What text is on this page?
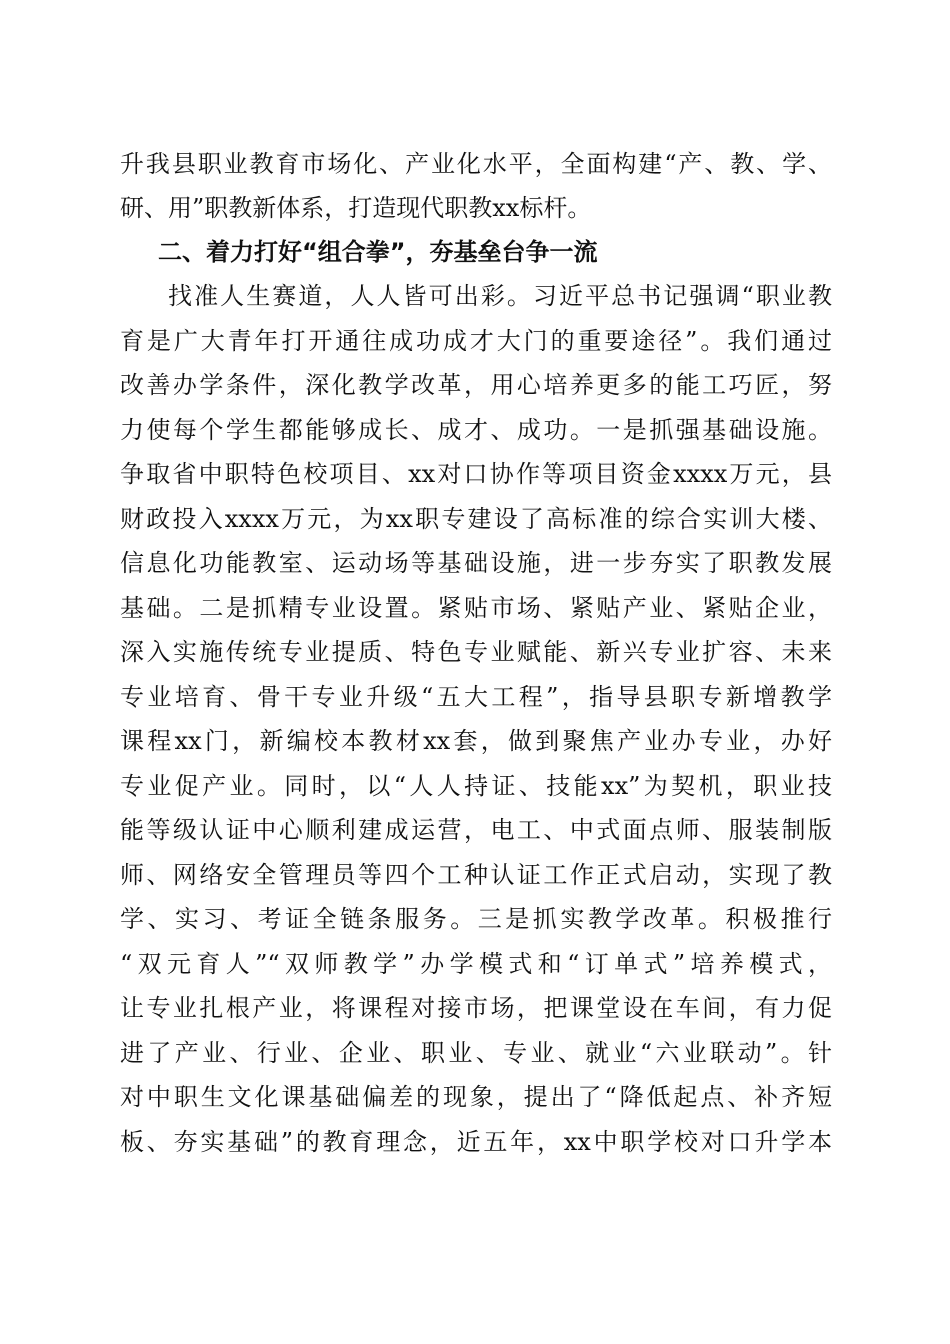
升我县职业教育市场化、产业化水平，全面构建“产、教、学、
研、用”职教新体系，打造现代职教xx标杆。
二、着力打好“组合拳”，夯基垒台争一流
找准人生赛道，人人皆可出彩。习近平总书记强调“职业教
育是广大青年打开通往成功成才大门的重要途径”。我们通过
改善办学条件，深化教学改革，用心培养更多的能工巧匠，努
力使每个学生都能够成长、成才、成功。一是抓强基础设施。
争取省中职特色校项目、xx对口协作等项目资金xxxx万元，县
财政投入xxxx万元，为xx职专建设了高标准的综合实训大楼、
信息化功能教室、运动场等基础设施，进一步夯实了职教发展
基础。二是抓精专业设置。紧贴市场、紧贴产业、紧贴企业，
深入实施传统专业提质、特色专业赋能、新兴专业扩容、未来
专业培育、骨干专业升级“五大工程”，指导县职专新增教学
课程xx门，新编校本教材xx套，做到聚焦产业办专业，办好
专业促产业。同时，以“人人持证、技能xx”为契机，职业技
能等级认证中心顺利建成运营，电工、中式面点师、服装制版
师、网络安全管理员等四个工种认证工作正式启动，实现了教
学、实习、考证全链条服务。三是抓实教学改革。积极推行
“双元育人”“双师教学”办学模式和“订单式”培养模式，
让专业扎根产业，将课程对接市场，把课堂设在车间，有力促
进了产业、行业、企业、职业、专业、就业“六业联动”。针
对中职生文化课基础偏差的现象，提出了“降低起点、补齐短
板、夯实基础”的教育理念，近五年，xx中职学校对口升学本
